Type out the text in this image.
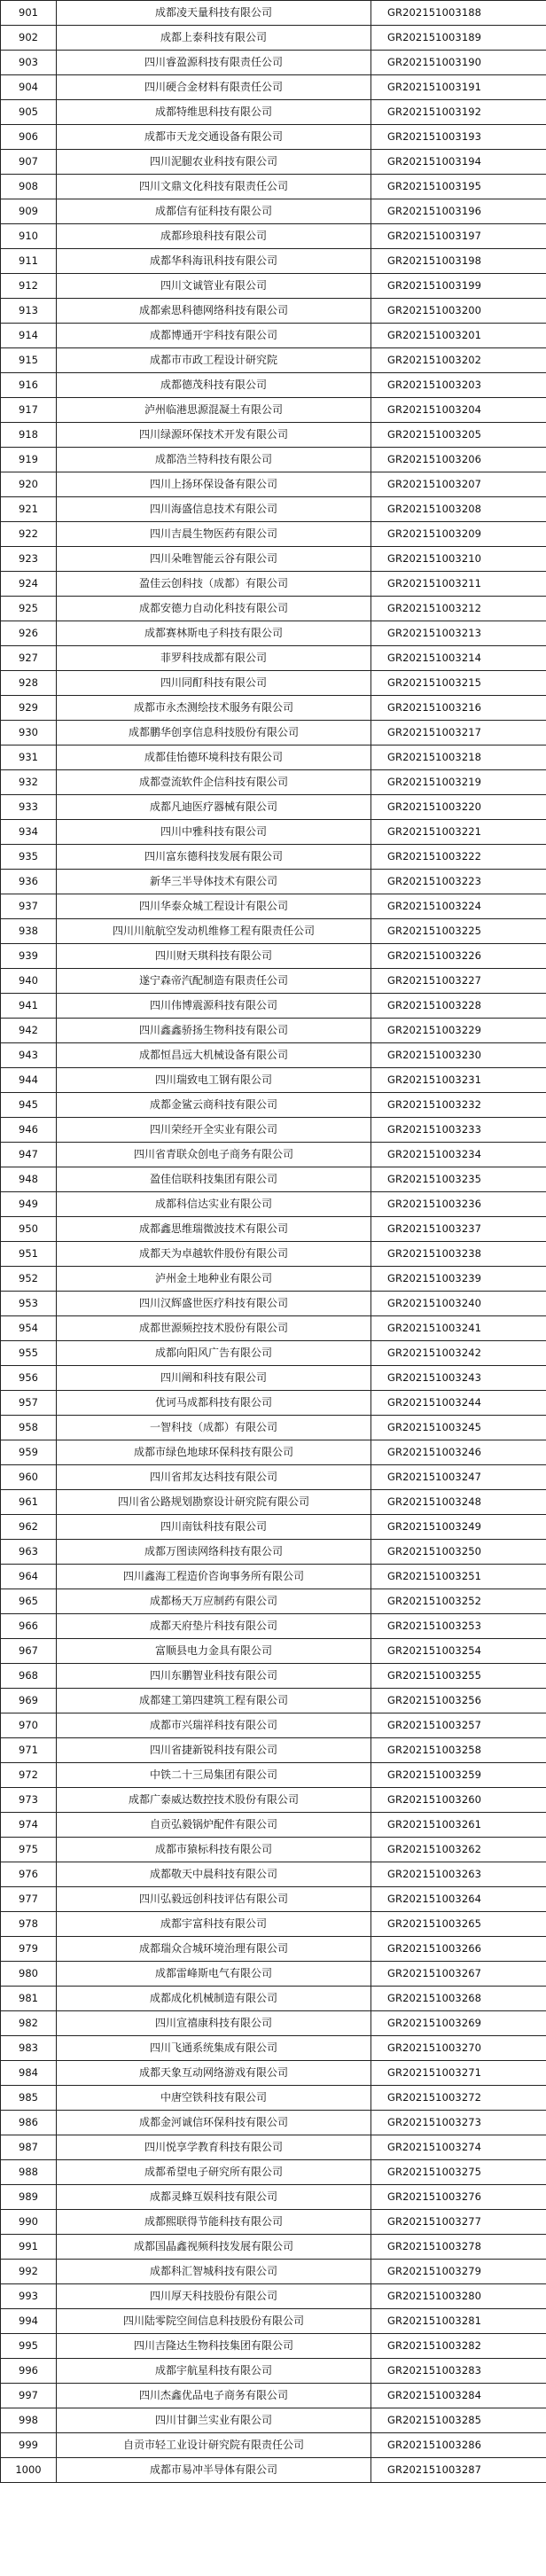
901	成都凌天量科技有限公司	GR202151003188
902	成都上泰科技有限公司	GR202151003189
903	四川睿盈源科技有限责任公司	GR202151003190
904	四川硬合金材料有限责任公司	GR202151003191
905	成都特维思科技有限公司	GR202151003192
906	成都市天龙交通设备有限公司	GR202151003193
907	四川泥腿农业科技有限公司	GR202151003194
908	四川文鼎文化科技有限责任公司	GR202151003195
909	成都信有征科技有限公司	GR202151003196
910	成都珍琅科技有限公司	GR202151003197
911	成都华科海讯科技有限公司	GR202151003198
912	四川文诚管业有限公司	GR202151003199
913	成都索思科德网络科技有限公司	GR202151003200
914	成都博通开宇科技有限公司	GR202151003201
915	成都市市政工程设计研究院	GR202151003202
916	成都德茂科技有限公司	GR202151003203
917	泸州临港思源混凝土有限公司	GR202151003204
918	四川绿源环保技术开发有限公司	GR202151003205
919	成都浩兰特科技有限公司	GR202151003206
920	四川上扬环保设备有限公司	GR202151003207
921	四川海盛信息技术有限公司	GR202151003208
922	四川吉晨生物医药有限公司	GR202151003209
923	四川朵唯智能云谷有限公司	GR202151003210
924	盈佳云创科技（成都）有限公司	GR202151003211
925	成都安德力自动化科技有限公司	GR202151003212
926	成都赛林斯电子科技有限公司	GR202151003213
927	菲罗科技成都有限公司	GR202151003214
928	四川同酊科技有限公司	GR202151003215
929	成都市永杰测绘技术服务有限公司	GR202151003216
930	成都鹏华创享信息科技股份有限公司	GR202151003217
931	成都佳怡德环境科技有限公司	GR202151003218
932	成都壹流软件企信科技有限公司	GR202151003219
933	成都凡迪医疗器械有限公司	GR202151003220
934	四川中雅科技有限公司	GR202151003221
935	四川富东德科技发展有限公司	GR202151003222
936	新华三半导体技术有限公司	GR202151003223
937	四川华泰众城工程设计有限公司	GR202151003224
938	四川川航航空发动机维修工程有限责任公司	GR202151003225
939	四川财天琪科技有限公司	GR202151003226
940	遂宁森帝汽配制造有限责任公司	GR202151003227
941	四川伟博震源科技有限公司	GR202151003228
942	四川鑫鑫骄扬生物科技有限公司	GR202151003229
943	成都恒昌远大机械设备有限公司	GR202151003230
944	四川瑞致电工钢有限公司	GR202151003231
945	成都金鲨云商科技有限公司	GR202151003232
946	四川荣经开全实业有限公司	GR202151003233
947	四川省青联众创电子商务有限公司	GR202151003234
948	盈佳信联科技集团有限公司	GR202151003235
949	成都科信达实业有限公司	GR202151003236
950	成都鑫思维瑞微波技术有限公司	GR202151003237
951	成都天为卓越软件股份有限公司	GR202151003238
952	泸州金土地种业有限公司	GR202151003239
953	四川汉辉盛世医疗科技有限公司	GR202151003240
954	成都世源频控技术股份有限公司	GR202151003241
955	成都向阳风广告有限公司	GR202151003242
956	四川阐和科技有限公司	GR202151003243
957	优诃马成都科技有限公司	GR202151003244
958	一智科技（成都）有限公司	GR202151003245
959	成都市绿色地球环保科技有限公司	GR202151003246
960	四川省邦友达科技有限公司	GR202151003247
961	四川省公路规划勘察设计研究院有限公司	GR202151003248
962	四川南钛科技有限公司	GR202151003249
963	成都万图读网络科技有限公司	GR202151003250
964	四川鑫海工程造价咨询事务所有限公司	GR202151003251
965	成都杨天万应制药有限公司	GR202151003252
966	成都天府垫片科技有限公司	GR202151003253
967	富顺县电力金具有限公司	GR202151003254
968	四川东鹏智业科技有限公司	GR202151003255
969	成都建工第四建筑工程有限公司	GR202151003256
970	成都市兴瑞祥科技有限公司	GR202151003257
971	四川省捷新锐科技有限公司	GR202151003258
972	中铁二十三局集团有限公司	GR202151003259
973	成都广泰威达数控技术股份有限公司	GR202151003260
974	自贡弘毅锅炉配件有限公司	GR202151003261
975	成都市猿标科技有限公司	GR202151003262
976	成都敬天中晨科技有限公司	GR202151003263
977	四川弘毅远创科技评估有限公司	GR202151003264
978	成都宇富科技有限公司	GR202151003265
979	成都瑞众合城环境治理有限公司	GR202151003266
980	成都雷峰斯电气有限公司	GR202151003267
981	成都成化机械制造有限公司	GR202151003268
982	四川宣禧康科技有限公司	GR202151003269
983	四川飞通系统集成有限公司	GR202151003270
984	成都天象互动网络游戏有限公司	GR202151003271
985	中唐空铁科技有限公司	GR202151003272
986	成都金河诚信环保科技有限公司	GR202151003273
987	四川悦享学教育科技有限公司	GR202151003274
988	成都希望电子研究所有限公司	GR202151003275
989	成都灵蜂互娱科技有限公司	GR202151003276
990	成都熙联得节能科技有限公司	GR202151003277
991	成都国晶鑫视频科技发展有限公司	GR202151003278
992	成都科汇智城科技有限公司	GR202151003279
993	四川厚天科技股份有限公司	GR202151003280
994	四川陆零院空间信息科技股份有限公司	GR202151003281
995	四川吉隆达生物科技集团有限公司	GR202151003282
996	成都宇航星科技有限公司	GR202151003283
997	四川杰鑫优品电子商务有限公司	GR202151003284
998	四川甘御兰实业有限公司	GR202151003285
999	自贡市轻工业设计研究院有限责任公司	GR202151003286
1000	成都市易冲半导体有限公司	GR202151003287
